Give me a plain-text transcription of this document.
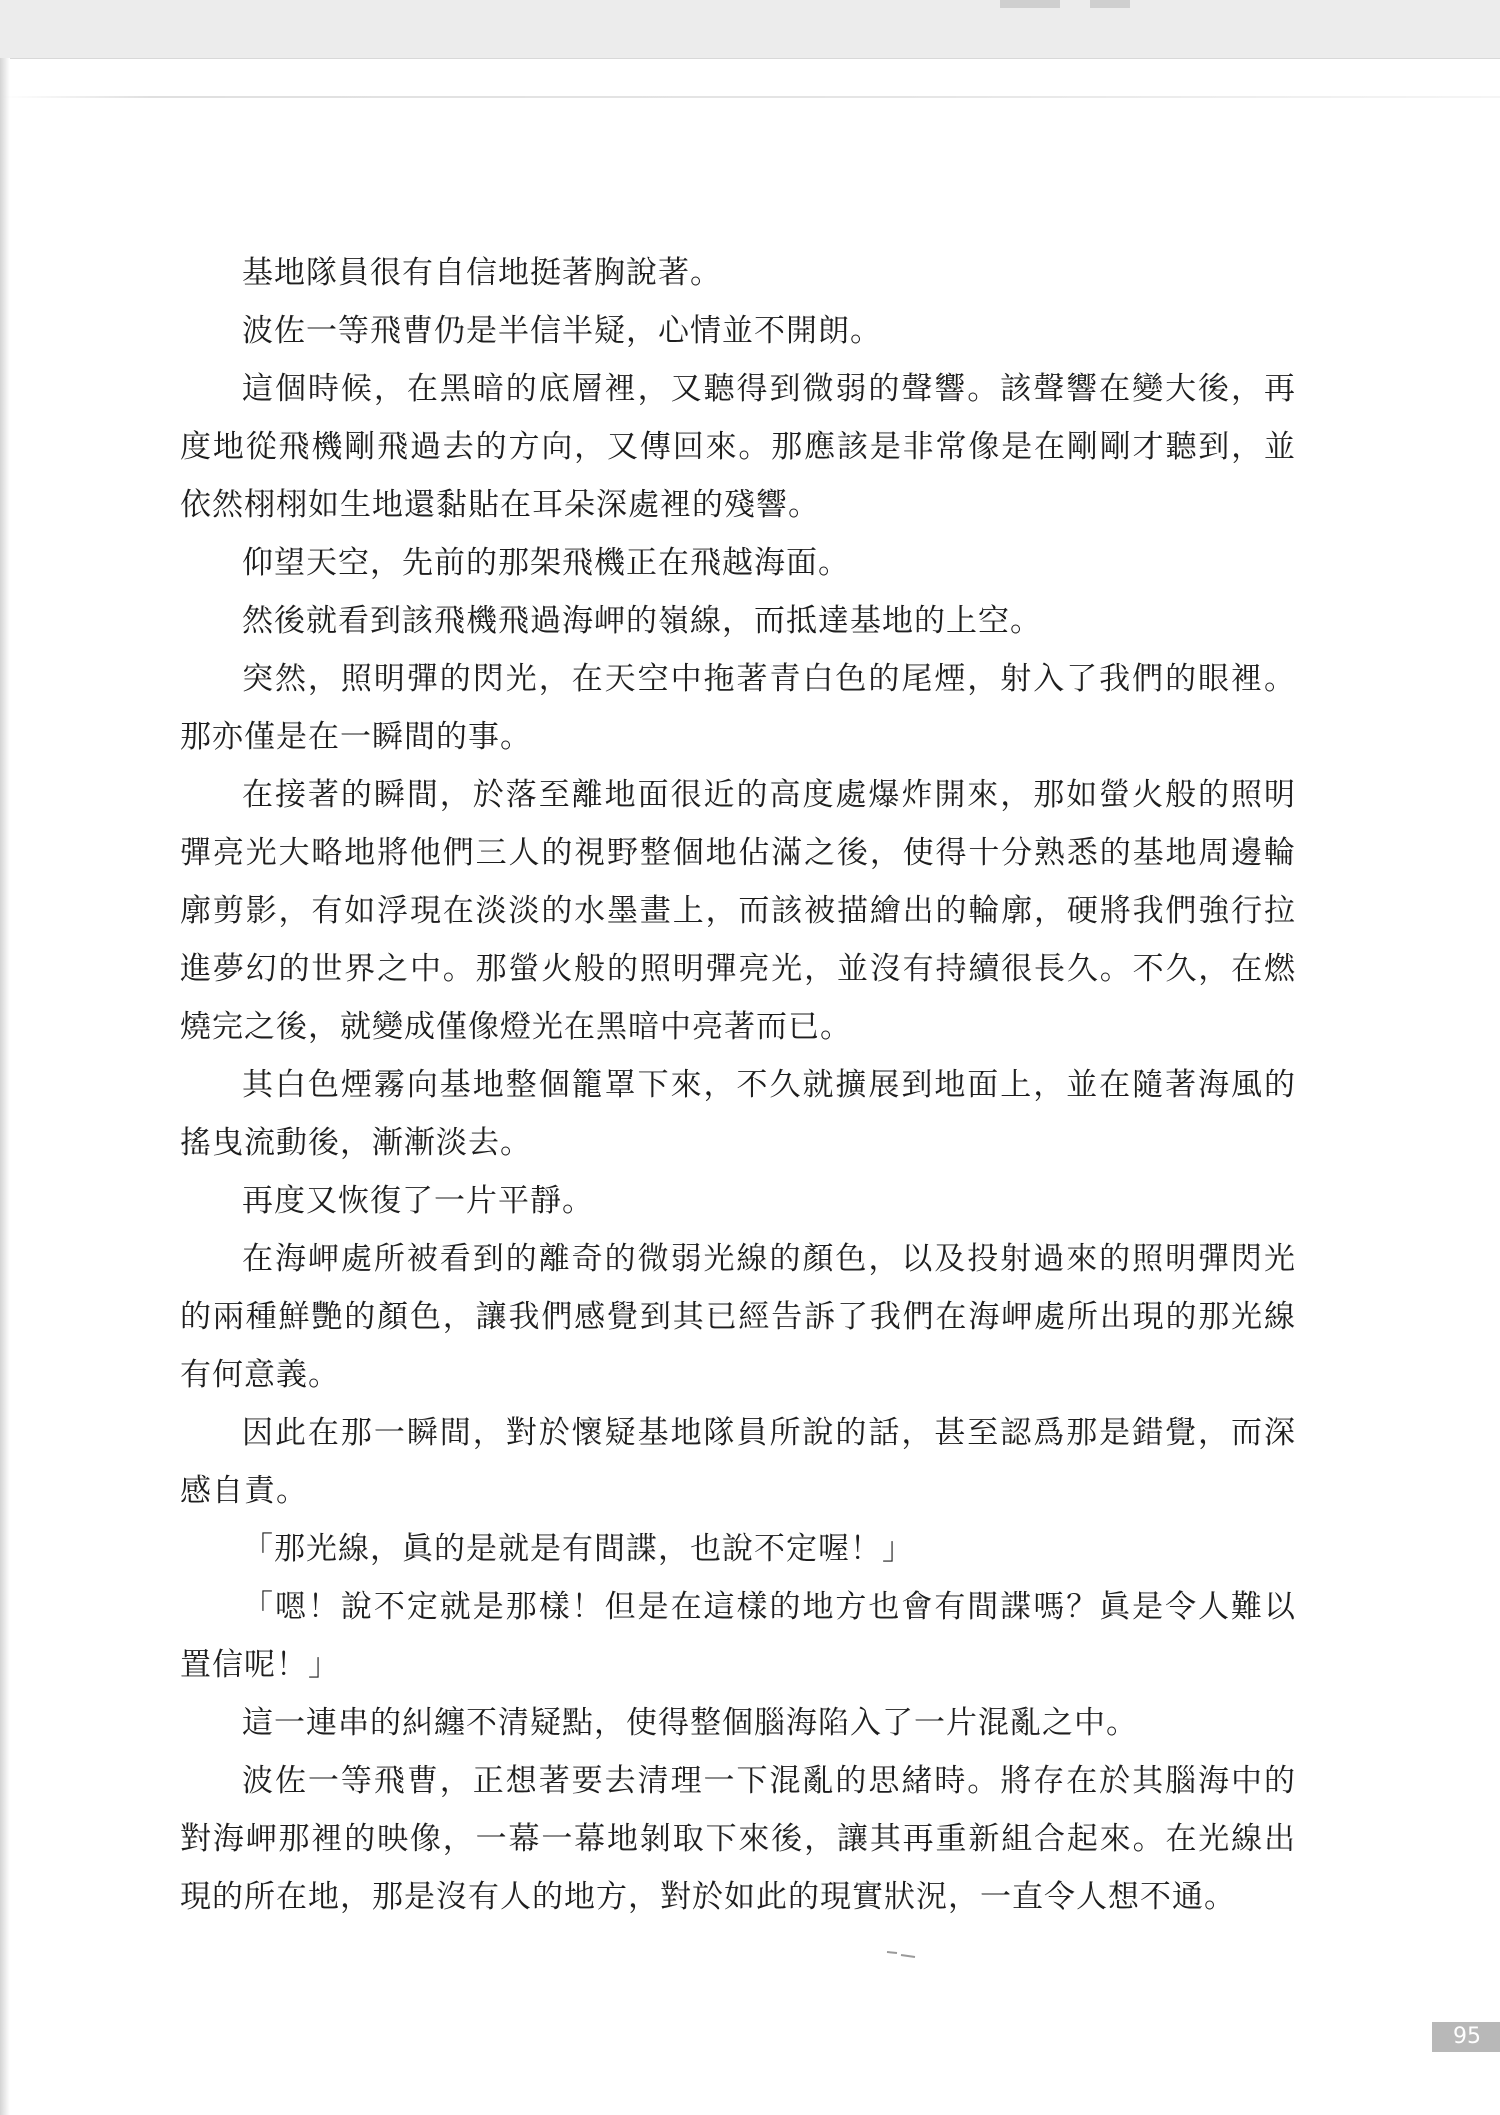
基地隊員很有自信地挺著胸說著。

波佐一等飛曹仍是半信半疑，心情並不開朗。

這個時候，在黑暗的底層裡，又聽得到微弱的聲響。該聲響在變大後，再度地從飛機剛飛過去的方向，又傳回來。那應該是非常像是在剛剛才聽到，並依然栩栩如生地還黏貼在耳朵深處裡的殘響。

仰望天空，先前的那架飛機正在飛越海面。

然後就看到該飛機飛過海岬的嶺線，而抵達基地的上空。

突然，照明彈的閃光，在天空中拖著青白色的尾煙，射入了我們的眼裡。那亦僅是在一瞬間的事。

在接著的瞬間，於落至離地面很近的高度處爆炸開來，那如螢火般的照明彈亮光大略地將他們三人的視野整個地佔滿之後，使得十分熟悉的基地周邊輪廓剪影，有如浮現在淡淡的水墨畫上，而該被描繪出的輪廓，硬將我們強行拉進夢幻的世界之中。那螢火般的照明彈亮光，並沒有持續很長久。不久，在燃燒完之後，就變成僅像燈光在黑暗中亮著而已。

其白色煙霧向基地整個籠罩下來，不久就擴展到地面上，並在隨著海風的搖曳流動後，漸漸淡去。

再度又恢復了一片平靜。

在海岬處所被看到的離奇的微弱光線的顏色，以及投射過來的照明彈閃光的兩種鮮艷的顏色，讓我們感覺到其已經告訴了我們在海岬處所出現的那光線有何意義。

因此在那一瞬間，對於懷疑基地隊員所說的話，甚至認爲那是錯覺，而深感自責。

「那光線，眞的是就是有間諜，也說不定喔！」

「嗯！說不定就是那樣！但是在這樣的地方也會有間諜嗎？眞是令人難以置信呢！」

這一連串的糾纏不清疑點，使得整個腦海陷入了一片混亂之中。

波佐一等飛曹，正想著要去清理一下混亂的思緒時。將存在於其腦海中的對海岬那裡的映像，一幕一幕地剝取下來後，讓其再重新組合起來。在光線出現的所在地，那是沒有人的地方，對於如此的現實狀況，一直令人想不通。

95
